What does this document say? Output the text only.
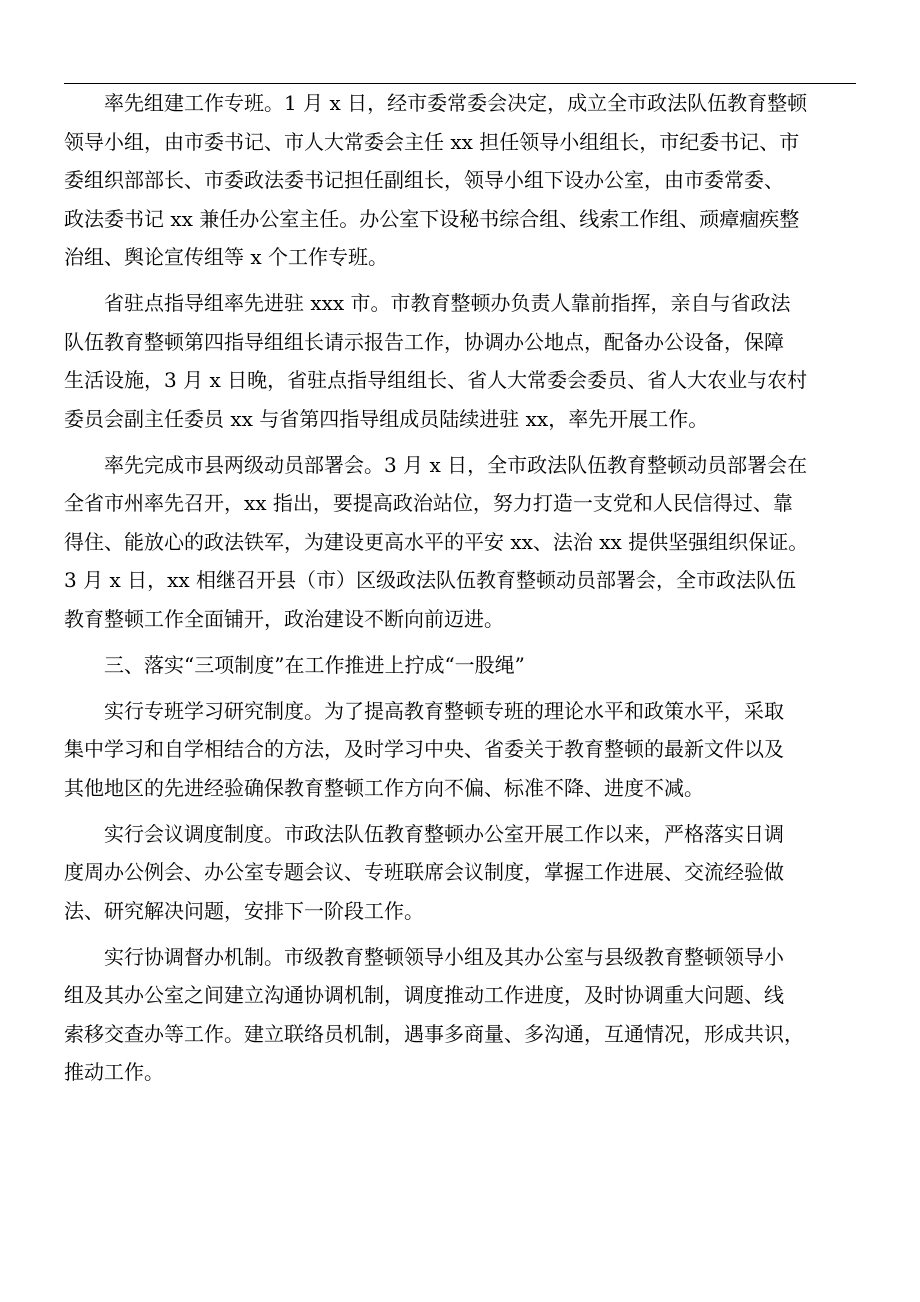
率先组建工作专班。1 月 x 日，经市委常委会决定，成立全市政法队伍教育整顿
领导小组，由市委书记、市人大常委会主任 xx 担任领导小组组长，市纪委书记、市
委组织部部长、市委政法委书记担任副组长，领导小组下设办公室，由市委常委、
政法委书记 xx 兼任办公室主任。办公室下设秘书综合组、线索工作组、顽瘴痼疾整
治组、舆论宣传组等 x 个工作专班。
省驻点指导组率先进驻 xxx 市。市教育整顿办负责人靠前指挥，亲自与省政法
队伍教育整顿第四指导组组长请示报告工作，协调办公地点，配备办公设备，保障
生活设施，3 月 x 日晚，省驻点指导组组长、省人大常委会委员、省人大农业与农村
委员会副主任委员 xx 与省第四指导组成员陆续进驻 xx，率先开展工作。
率先完成市县两级动员部署会。3 月 x 日，全市政法队伍教育整顿动员部署会在
全省市州率先召开，xx 指出，要提高政治站位，努力打造一支党和人民信得过、靠
得住、能放心的政法铁军，为建设更高水平的平安 xx、法治 xx 提供坚强组织保证。
3 月 x 日，xx 相继召开县（市）区级政法队伍教育整顿动员部署会，全市政法队伍
教育整顿工作全面铺开，政治建设不断向前迈进。
三、落实“三项制度”在工作推进上拧成“一股绳”
实行专班学习研究制度。为了提高教育整顿专班的理论水平和政策水平，采取
集中学习和自学相结合的方法，及时学习中央、省委关于教育整顿的最新文件以及
其他地区的先进经验确保教育整顿工作方向不偏、标准不降、进度不减。
实行会议调度制度。市政法队伍教育整顿办公室开展工作以来，严格落实日调
度周办公例会、办公室专题会议、专班联席会议制度，掌握工作进展、交流经验做
法、研究解决问题，安排下一阶段工作。
实行协调督办机制。市级教育整顿领导小组及其办公室与县级教育整顿领导小
组及其办公室之间建立沟通协调机制，调度推动工作进度，及时协调重大问题、线
索移交查办等工作。建立联络员机制，遇事多商量、多沟通，互通情况，形成共识，
推动工作。
